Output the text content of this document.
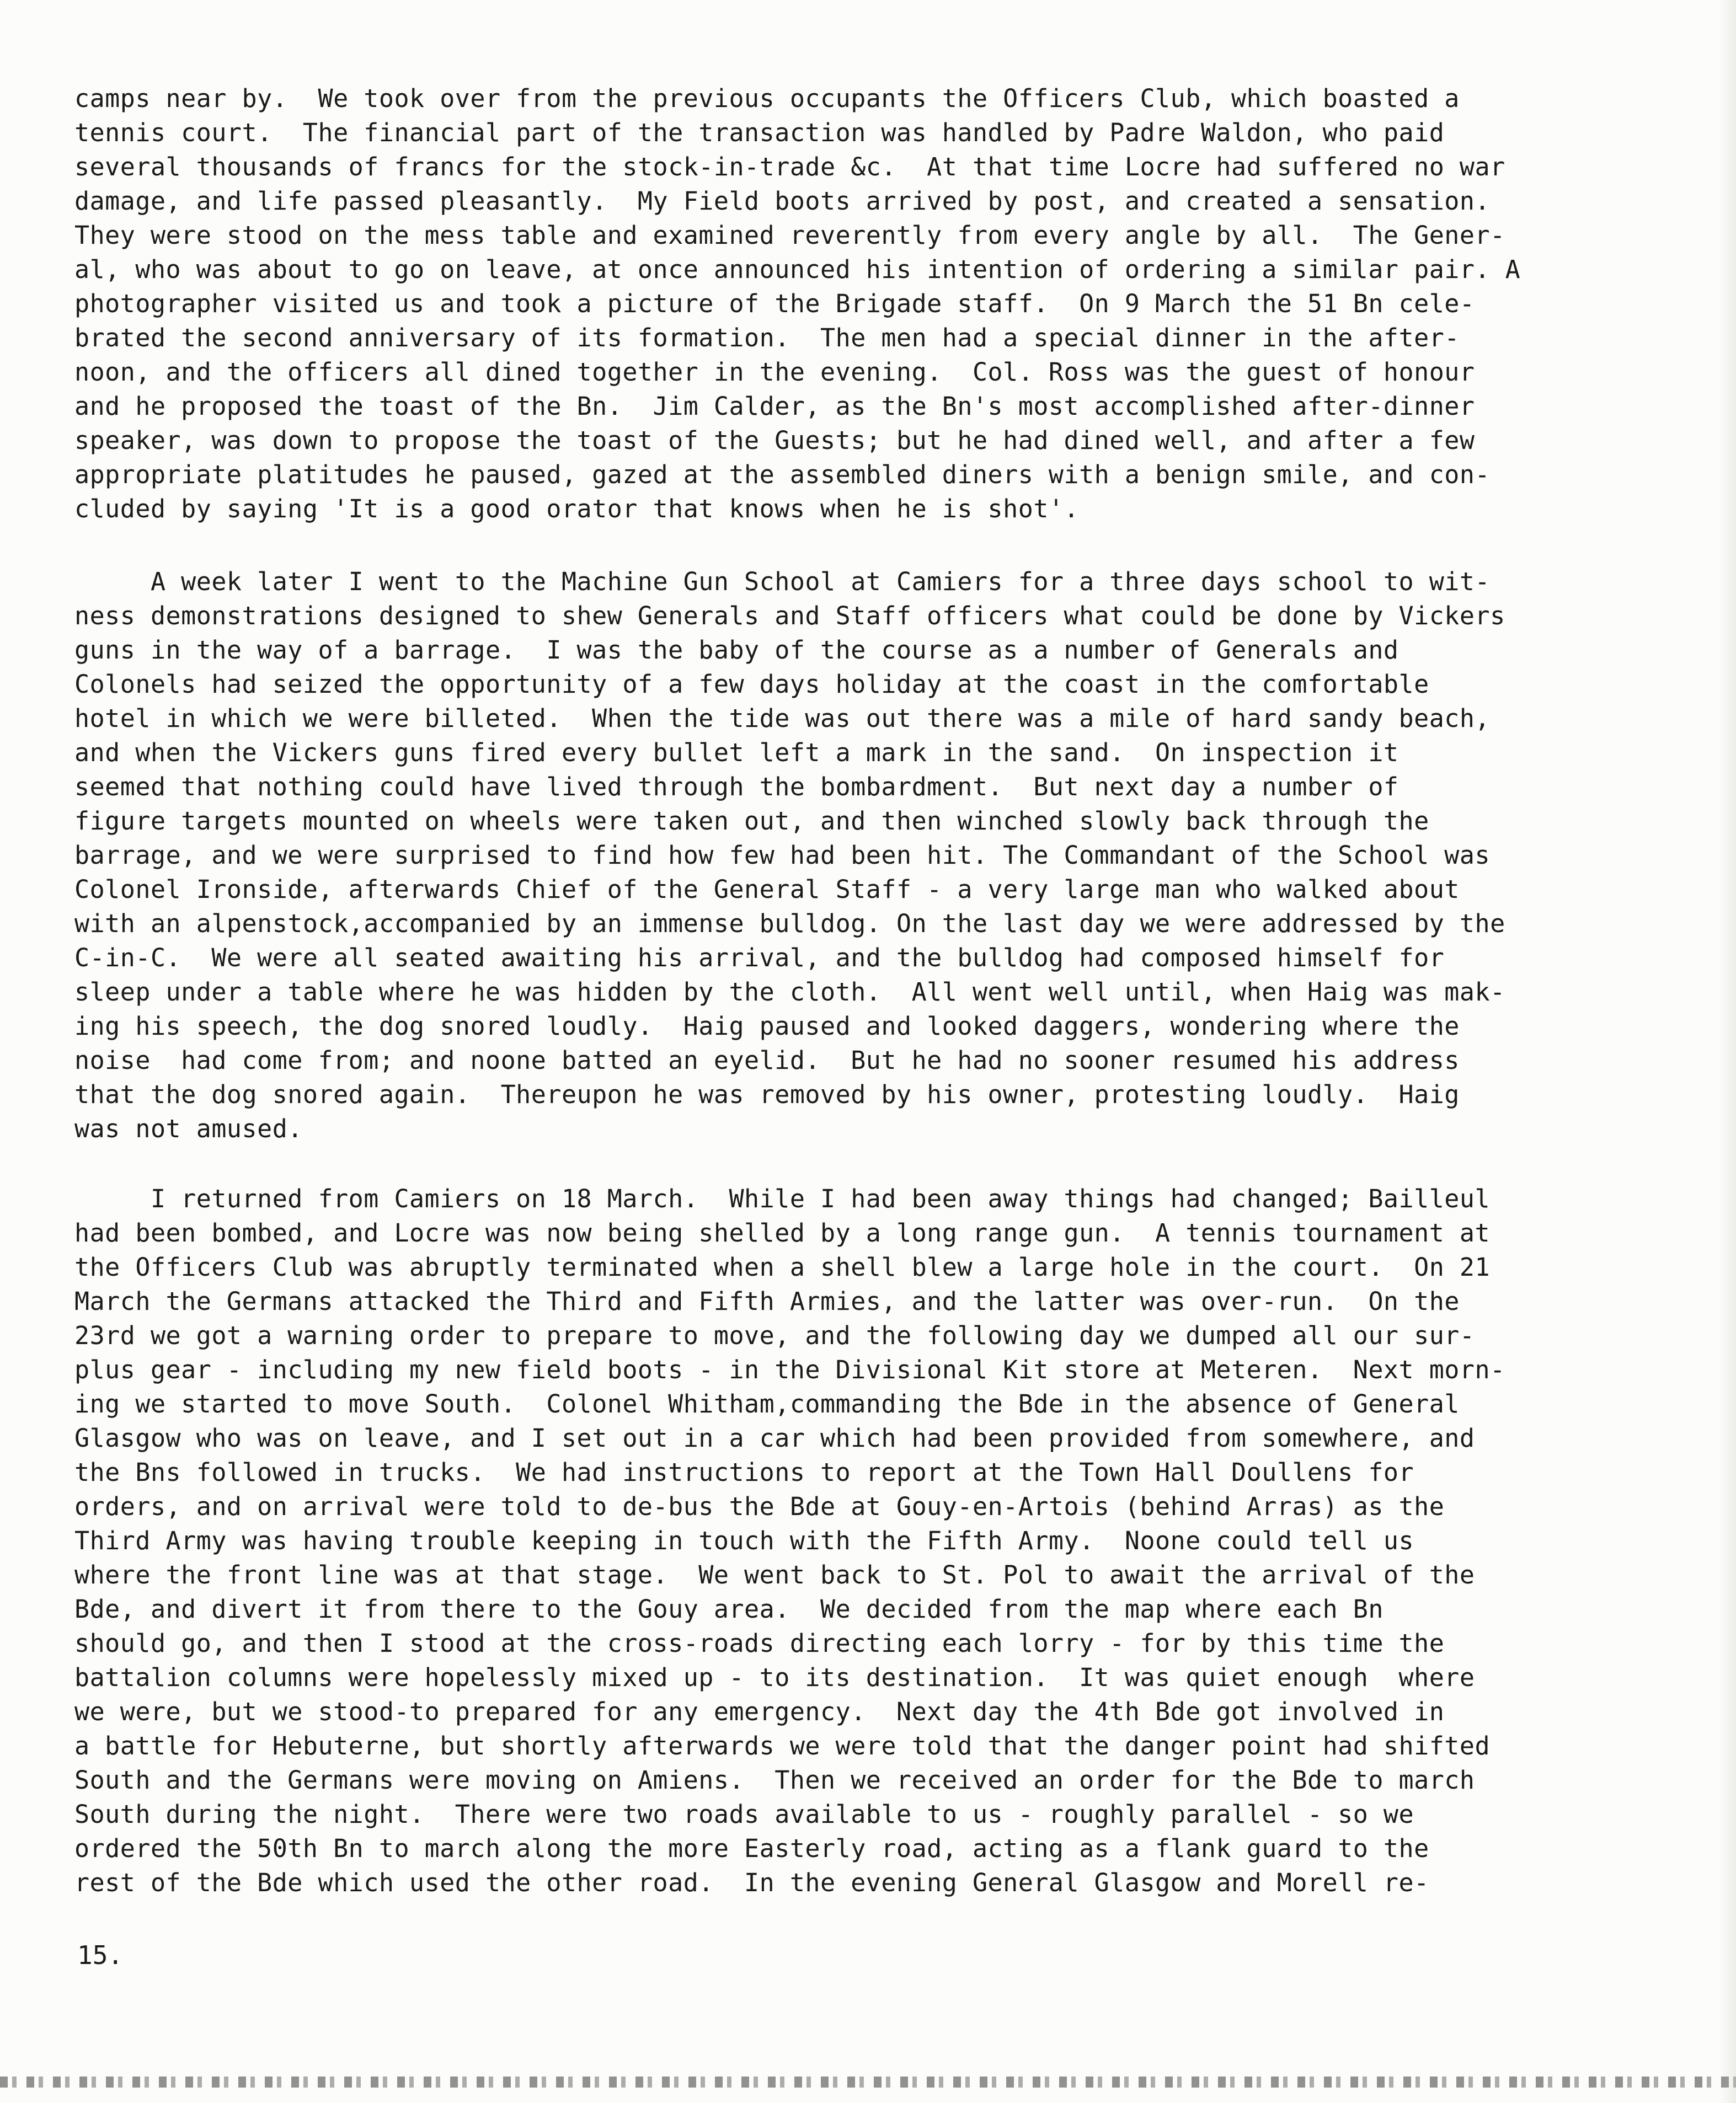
camps near by.  We took over from the previous occupants the Officers Club, which boasted a
tennis court.  The financial part of the transaction was handled by Padre Waldon, who paid
several thousands of francs for the stock-in-trade &c.  At that time Locre had suffered no war
damage, and life passed pleasantly.  My Field boots arrived by post, and created a sensation.
They were stood on the mess table and examined reverently from every angle by all.  The Gener-
al, who was about to go on leave, at once announced his intention of ordering a similar pair. A
photographer visited us and took a picture of the Brigade staff.  On 9 March the 51 Bn cele-
brated the second anniversary of its formation.  The men had a special dinner in the after-
noon, and the officers all dined together in the evening.  Col. Ross was the guest of honour
and he proposed the toast of the Bn.  Jim Calder, as the Bn's most accomplished after-dinner
speaker, was down to propose the toast of the Guests; but he had dined well, and after a few
appropriate platitudes he paused, gazed at the assembled diners with a benign smile, and con-
cluded by saying 'It is a good orator that knows when he is shot'.
A week later I went to the Machine Gun School at Camiers for a three days school to wit-
ness demonstrations designed to shew Generals and Staff officers what could be done by Vickers
guns in the way of a barrage.  I was the baby of the course as a number of Generals and
Colonels had seized the opportunity of a few days holiday at the coast in the comfortable
hotel in which we were billeted.  When the tide was out there was a mile of hard sandy beach,
and when the Vickers guns fired every bullet left a mark in the sand.  On inspection it
seemed that nothing could have lived through the bombardment.  But next day a number of
figure targets mounted on wheels were taken out, and then winched slowly back through the
barrage, and we were surprised to find how few had been hit. The Commandant of the School was
Colonel Ironside, afterwards Chief of the General Staff - a very large man who walked about
with an alpenstock,accompanied by an immense bulldog. On the last day we were addressed by the
C-in-C.  We were all seated awaiting his arrival, and the bulldog had composed himself for
sleep under a table where he was hidden by the cloth.  All went well until, when Haig was mak-
ing his speech, the dog snored loudly.  Haig paused and looked daggers, wondering where the
noise  had come from; and noone batted an eyelid.  But he had no sooner resumed his address
that the dog snored again.  Thereupon he was removed by his owner, protesting loudly.  Haig
was not amused.
I returned from Camiers on 18 March.  While I had been away things had changed; Bailleul
had been bombed, and Locre was now being shelled by a long range gun.  A tennis tournament at
the Officers Club was abruptly terminated when a shell blew a large hole in the court.  On 21
March the Germans attacked the Third and Fifth Armies, and the latter was over-run.  On the
23rd we got a warning order to prepare to move, and the following day we dumped all our sur-
plus gear - including my new field boots - in the Divisional Kit store at Meteren.  Next morn-
ing we started to move South.  Colonel Whitham,commanding the Bde in the absence of General
Glasgow who was on leave, and I set out in a car which had been provided from somewhere, and
the Bns followed in trucks.  We had instructions to report at the Town Hall Doullens for
orders, and on arrival were told to de-bus the Bde at Gouy-en-Artois (behind Arras) as the
Third Army was having trouble keeping in touch with the Fifth Army.  Noone could tell us
where the front line was at that stage.  We went back to St. Pol to await the arrival of the
Bde, and divert it from there to the Gouy area.  We decided from the map where each Bn
should go, and then I stood at the cross-roads directing each lorry - for by this time the
battalion columns were hopelessly mixed up - to its destination.  It was quiet enough  where
we were, but we stood-to prepared for any emergency.  Next day the 4th Bde got involved in
a battle for Hebuterne, but shortly afterwards we were told that the danger point had shifted
South and the Germans were moving on Amiens.  Then we received an order for the Bde to march
South during the night.  There were two roads available to us - roughly parallel - so we
ordered the 50th Bn to march along the more Easterly road, acting as a flank guard to the
rest of the Bde which used the other road.  In the evening General Glasgow and Morell re-
15.
